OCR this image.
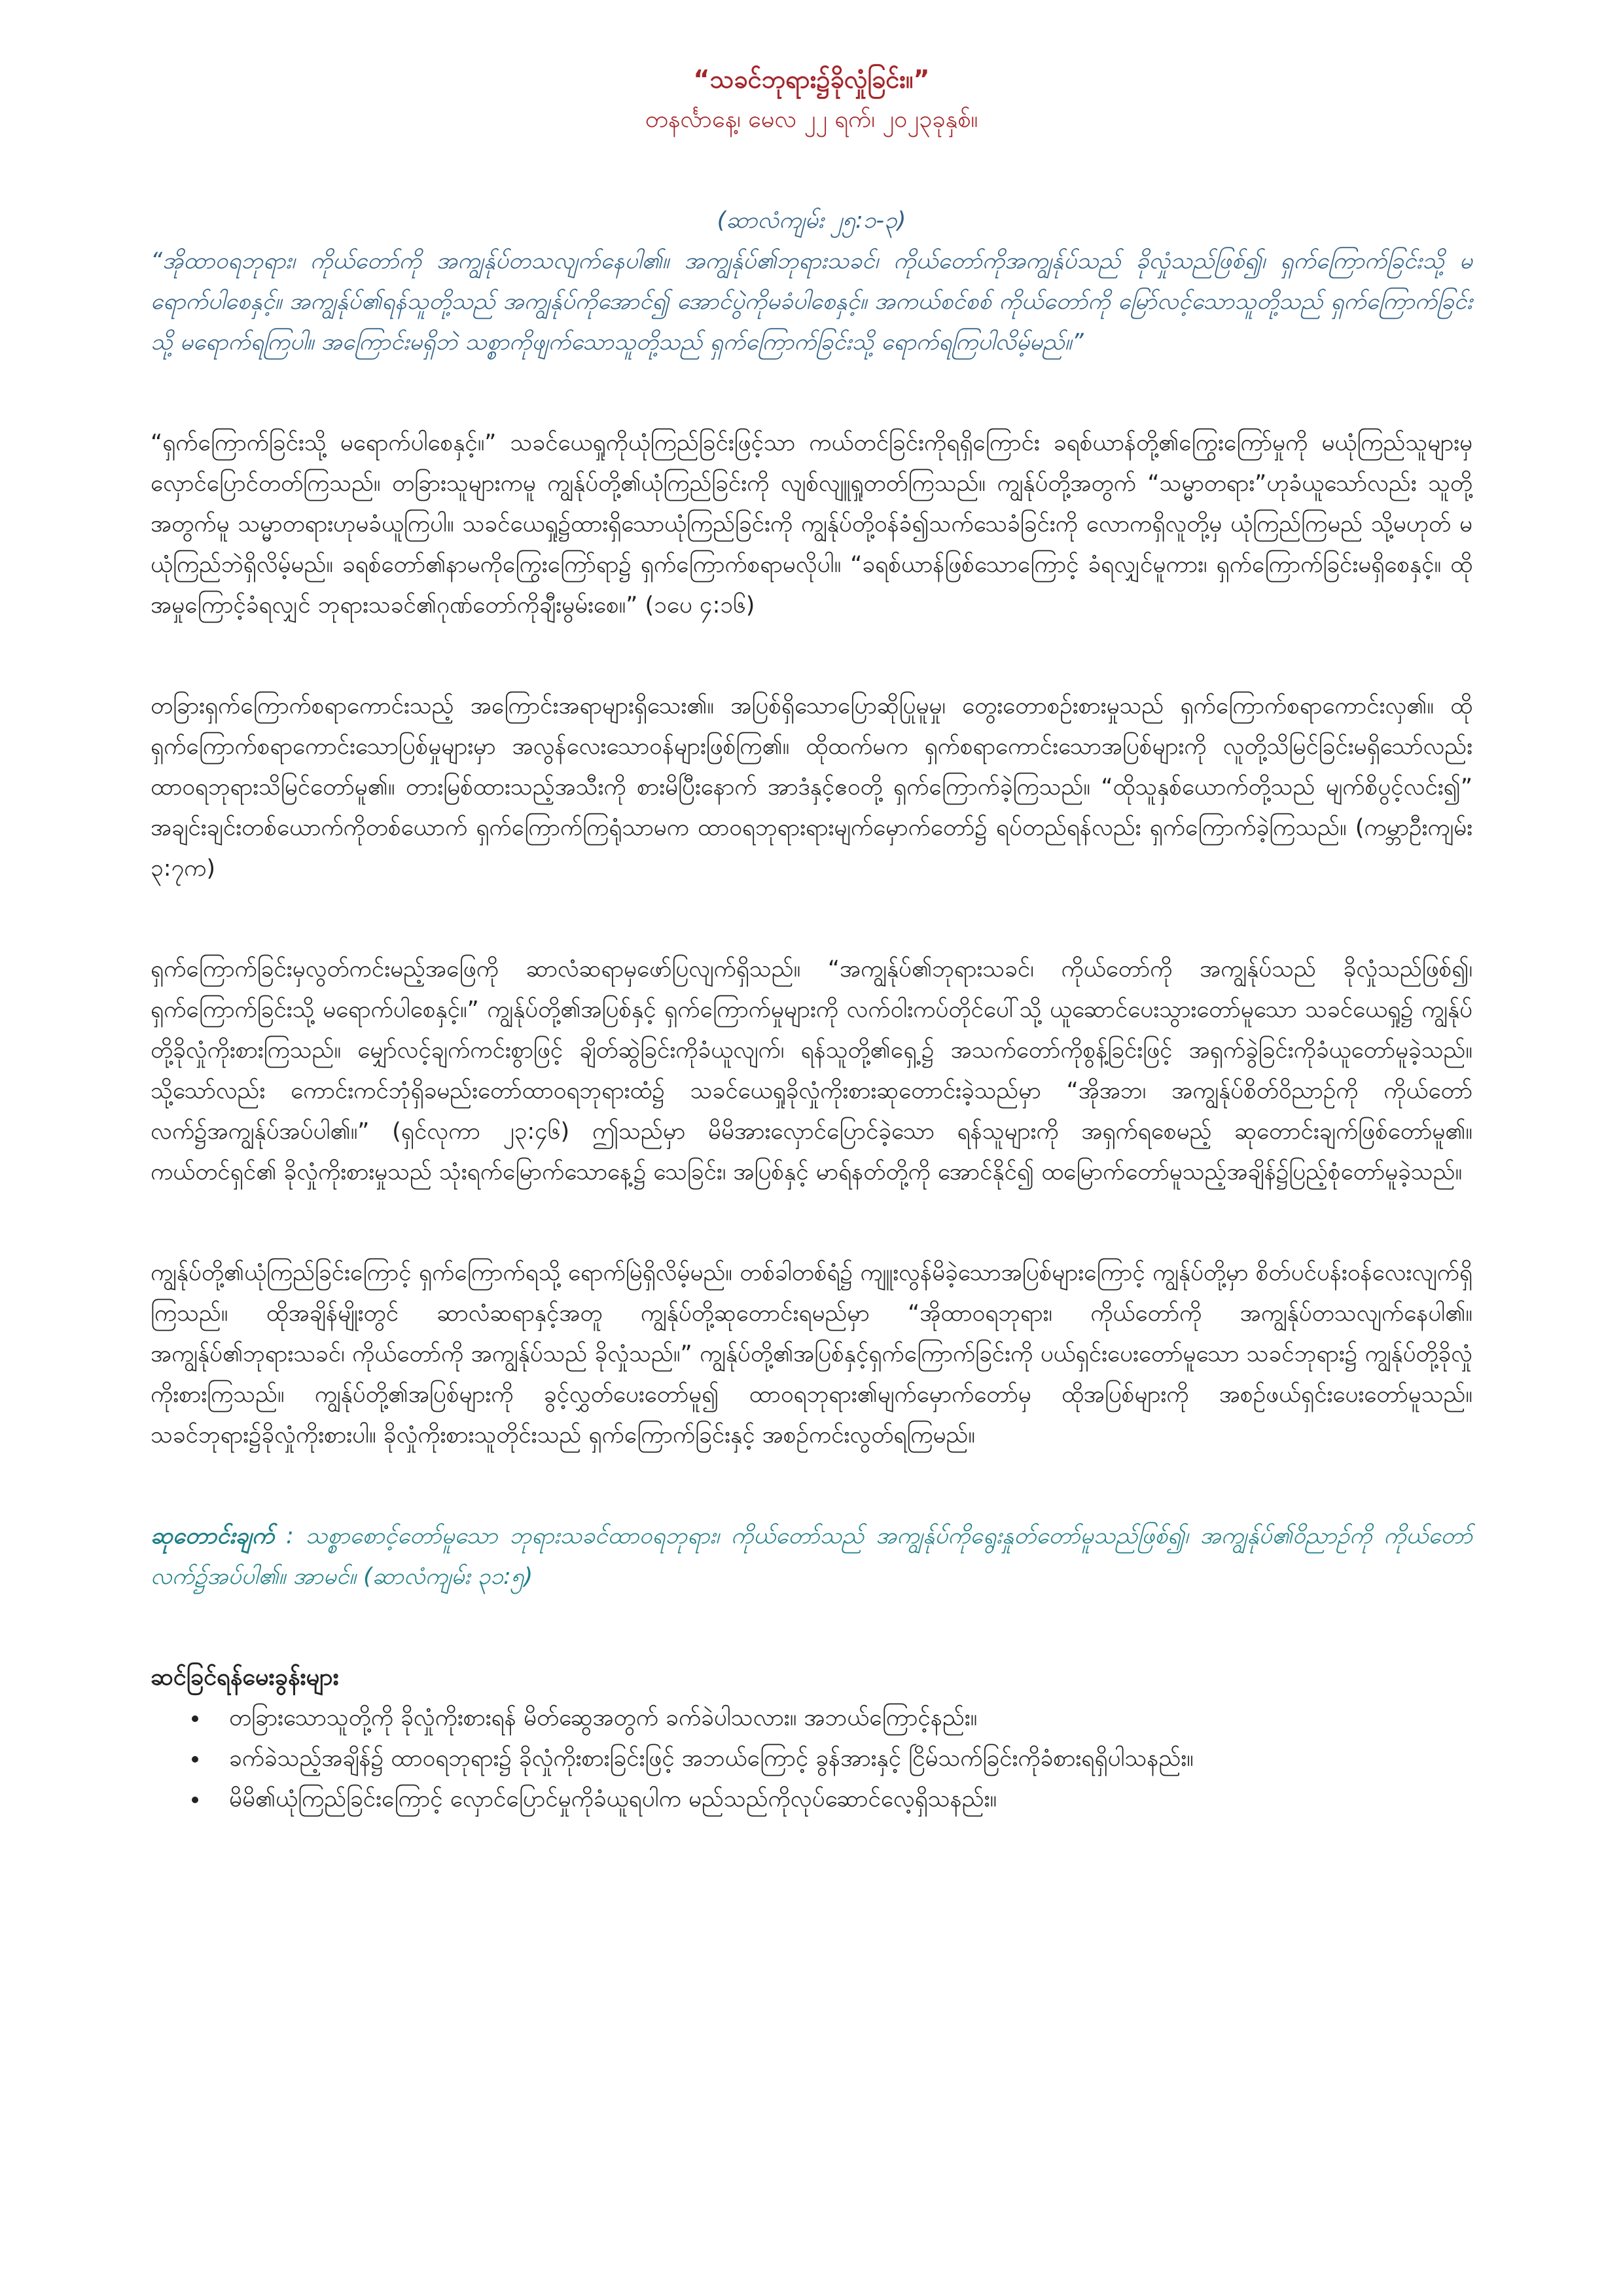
“သခင်ဘုရား၌ခိုလှုံခြင်း။”

တနင်္လာနေ့၊ မေလ ၂၂ ရက်၊ ၂၀၂၃ခုနှစ်။

(ဆာလံကျမ်း ၂၅:၁-၃)

“အိုထာဝရဘုရား၊ ကိုယ်တော်ကို အကျွန်ုပ်တသလျက်နေပါ၏။ အကျွန်ုပ်၏ဘုရားသခင်၊ ကိုယ်တော်ကိုအကျွန်ုပ်သည် ခိုလှုံသည်ဖြစ်၍၊ ရှက်ကြောက်ခြင်းသို့ မရောက်ပါစေနှင့်။ အကျွန်ုပ်၏ရန်သူတို့သည် အကျွန်ုပ်ကိုအောင်၍ အောင်ပွဲကိုမခံပါစေနှင့်။ အကယ်စင်စစ် ကိုယ်တော်ကို မြော်လင့်သောသူတို့သည် ရှက်ကြောက်ခြင်းသို့ မရောက်ရကြပါ။ အကြောင်းမရှိဘဲ သစ္စာကိုဖျက်သောသူတို့သည် ရှက်ကြောက်ခြင်းသို့ ရောက်ရကြပါလိမ့်မည်။”

“ရှက်ကြောက်ခြင်းသို့ မရောက်ပါစေနှင့်။” သခင်ယေရှုကိုယုံကြည်ခြင်းဖြင့်သာ ကယ်တင်ခြင်းကိုရရှိကြောင်း ခရစ်ယာန်တို့၏ကြွေးကြော်မှုကို မယုံကြည်သူများမှ လှောင်ပြောင်တတ်ကြသည်။ တခြားသူများကမူ ကျွန်ုပ်တို့၏ယုံကြည်ခြင်းကို လျစ်လျူရှုတတ်ကြသည်။ ကျွန်ုပ်တို့အတွက် “သမ္မာတရား”ဟုခံယူသော်လည်း သူတို့အတွက်မူ သမ္မာတရားဟုမခံယူကြပါ။ သခင်ယေရှု၌ထားရှိသောယုံကြည်ခြင်းကို ကျွန်ုပ်တို့ဝန်ခံ၍သက်သေခံခြင်းကို လောကရှိလူတို့မှ ယုံကြည်ကြမည် သို့မဟုတ် မယုံကြည်ဘဲရှိလိမ့်မည်။ ခရစ်တော်၏နာမကိုကြွေးကြော်ရာ၌ ရှက်ကြောက်စရာမလိုပါ။ “ခရစ်ယာန်ဖြစ်သောကြောင့် ခံရလျှင်မူကား၊ ရှက်ကြောက်ခြင်းမရှိစေနှင့်။ ထိုအမှုကြောင့်ခံရလျှင် ဘုရားသခင်၏ဂုဏ်တော်ကိုချီးမွမ်းစေ။” (၁ပေ ၄:၁၆)

တခြားရှက်ကြောက်စရာကောင်းသည့် အကြောင်းအရာများရှိသေး၏။ အပြစ်ရှိသောပြောဆိုပြုမူမှု၊ တွေးတောစဉ်းစားမှုသည် ရှက်ကြောက်စရာကောင်းလှ၏။ ထိုရှက်ကြောက်စရာကောင်းသောပြစ်မှုများမှာ အလွန်လေးသောဝန်များဖြစ်ကြ၏။ ထိုထက်မက ရှက်စရာကောင်းသောအပြစ်များကို လူတို့သိမြင်ခြင်းမရှိသော်လည်း ထာဝရဘုရားသိမြင်တော်မူ၏။ တားမြစ်ထားသည့်အသီးကို စားမိပြီးနောက် အာဒံနှင့်ဧဝတို့ ရှက်ကြောက်ခဲ့ကြသည်။ “ထိုသူနှစ်ယောက်တို့သည် မျက်စိပွင့်လင်း၍” အချင်းချင်းတစ်ယောက်ကိုတစ်ယောက် ရှက်ကြောက်ကြရုံသာမက ထာဝရဘုရားရားမျက်မှောက်တော်၌ ရပ်တည်ရန်လည်း ရှက်ကြောက်ခဲ့ကြသည်။ (ကမ္ဘာဦးကျမ်း ၃:၇က)

ရှက်ကြောက်ခြင်းမှလွတ်ကင်းမည့်အဖြေကို ဆာလံဆရာမှဖော်ပြလျက်ရှိသည်။ “အကျွန်ုပ်၏ဘုရားသခင်၊ ကိုယ်တော်ကို အကျွန်ုပ်သည် ခိုလှုံသည်ဖြစ်၍၊ ရှက်ကြောက်ခြင်းသို့ မရောက်ပါစေနှင့်။” ကျွန်ုပ်တို့၏အပြစ်နှင့် ရှက်ကြောက်မှုများကို လက်ဝါးကပ်တိုင်ပေါ်သို့ ယူဆောင်ပေးသွားတော်မူသော သခင်ယေရှု၌ ကျွန်ုပ်တို့ခိုလှုံကိုးစားကြသည်။ မျှော်လင့်ချက်ကင်းစွာဖြင့် ချိတ်ဆွဲခြင်းကိုခံယူလျက်၊ ရန်သူတို့၏ရှေ့၌ အသက်တော်ကိုစွန့်ခြင်းဖြင့် အရှက်ခွဲခြင်းကိုခံယူတော်မူခဲ့သည်။ သို့သော်လည်း ကောင်းကင်ဘုံရှိခမည်းတော်ထာဝရဘုရားထံ၌ သခင်ယေရှုခိုလှုံကိုးစားဆုတောင်းခဲ့သည်မှာ “အိုအဘ၊ အကျွန်ုပ်စိတ်ဝိညာဉ်ကို ကိုယ်တော်လက်၌အကျွန်ုပ်အပ်ပါ၏။” (ရှင်လုကာ ၂၃:၄၆) ဤသည်မှာ မိမိအားလှောင်ပြောင်ခဲ့သော ရန်သူများကို အရှက်ရစေမည့် ဆုတောင်းချက်ဖြစ်တော်မူ၏။ ကယ်တင်ရှင်၏ ခိုလှုံကိုးစားမှုသည် သုံးရက်မြောက်သောနေ့၌ သေခြင်း၊ အပြစ်နှင့် မာရ်နတ်တို့ကို အောင်နိုင်၍ ထမြောက်တော်မူသည့်အချိန်၌ပြည့်စုံတော်မူခဲ့သည်။

ကျွန်ုပ်တို့၏ယုံကြည်ခြင်းကြောင့် ရှက်ကြောက်ရသို့ ရောက်မြဲရှိလိမ့်မည်။ တစ်ခါတစ်ရံ၌ ကျူးလွန်မိခဲ့သောအပြစ်များကြောင့် ကျွန်ုပ်တို့မှာ စိတ်ပင်ပန်းဝန်လေးလျက်ရှိကြသည်။ ထိုအချိန်မျိုးတွင် ဆာလံဆရာနှင့်အတူ ကျွန်ုပ်တို့ဆုတောင်းရမည်မှာ “အိုထာဝရဘုရား၊ ကိုယ်တော်ကို အကျွန်ုပ်တသလျက်နေပါ၏။ အကျွန်ုပ်၏ဘုရားသခင်၊ ကိုယ်တော်ကို အကျွန်ုပ်သည် ခိုလှုံသည်။” ကျွန်ုပ်တို့၏အပြစ်နှင့်ရှက်ကြောက်ခြင်းကို ပယ်ရှင်းပေးတော်မူသော သခင်ဘုရား၌ ကျွန်ုပ်တို့ခိုလှုံကိုးစားကြသည်။ ကျွန်ုပ်တို့၏အပြစ်များကို ခွင့်လွှတ်ပေးတော်မူ၍ ထာဝရဘုရား၏မျက်မှောက်တော်မှ ထိုအပြစ်များကို အစဉ်ဖယ်ရှင်းပေးတော်မူသည်။ သခင်ဘုရား၌ခိုလှုံကိုးစားပါ။ ခိုလှုံကိုးစားသူတိုင်းသည် ရှက်ကြောက်ခြင်းနှင့် အစဉ်ကင်းလွတ်ရကြမည်။

ဆုတောင်းချက် : သစ္စာစောင့်တော်မူသော ဘုရားသခင်ထာဝရဘုရား၊ ကိုယ်တော်သည် အကျွန်ုပ်ကိုရွေးနှုတ်တော်မူသည်ဖြစ်၍၊ အကျွန်ုပ်၏ဝိညာဉ်ကို ကိုယ်တော်လက်၌အပ်ပါ၏။ အာမင်။ (ဆာလံကျမ်း ၃၁:၅)

ဆင်ခြင်ရန်မေးခွန်းများ

• တခြားသောသူတို့ကို ခိုလှုံကိုးစားရန် မိတ်ဆွေအတွက် ခက်ခဲပါသလား။ အဘယ်ကြောင့်နည်း။
• ခက်ခဲသည့်အချိန်၌ ထာဝရဘုရား၌ ခိုလှုံကိုးစားခြင်းဖြင့် အဘယ်ကြောင့် ခွန်အားနှင့် ငြိမ်သက်ခြင်းကိုခံစားရရှိပါသနည်း။
• မိမိ၏ယုံကြည်ခြင်းကြောင့် လှောင်ပြောင်မှုကိုခံယူရပါက မည်သည်ကိုလုပ်ဆောင်လေ့ရှိသနည်း။
